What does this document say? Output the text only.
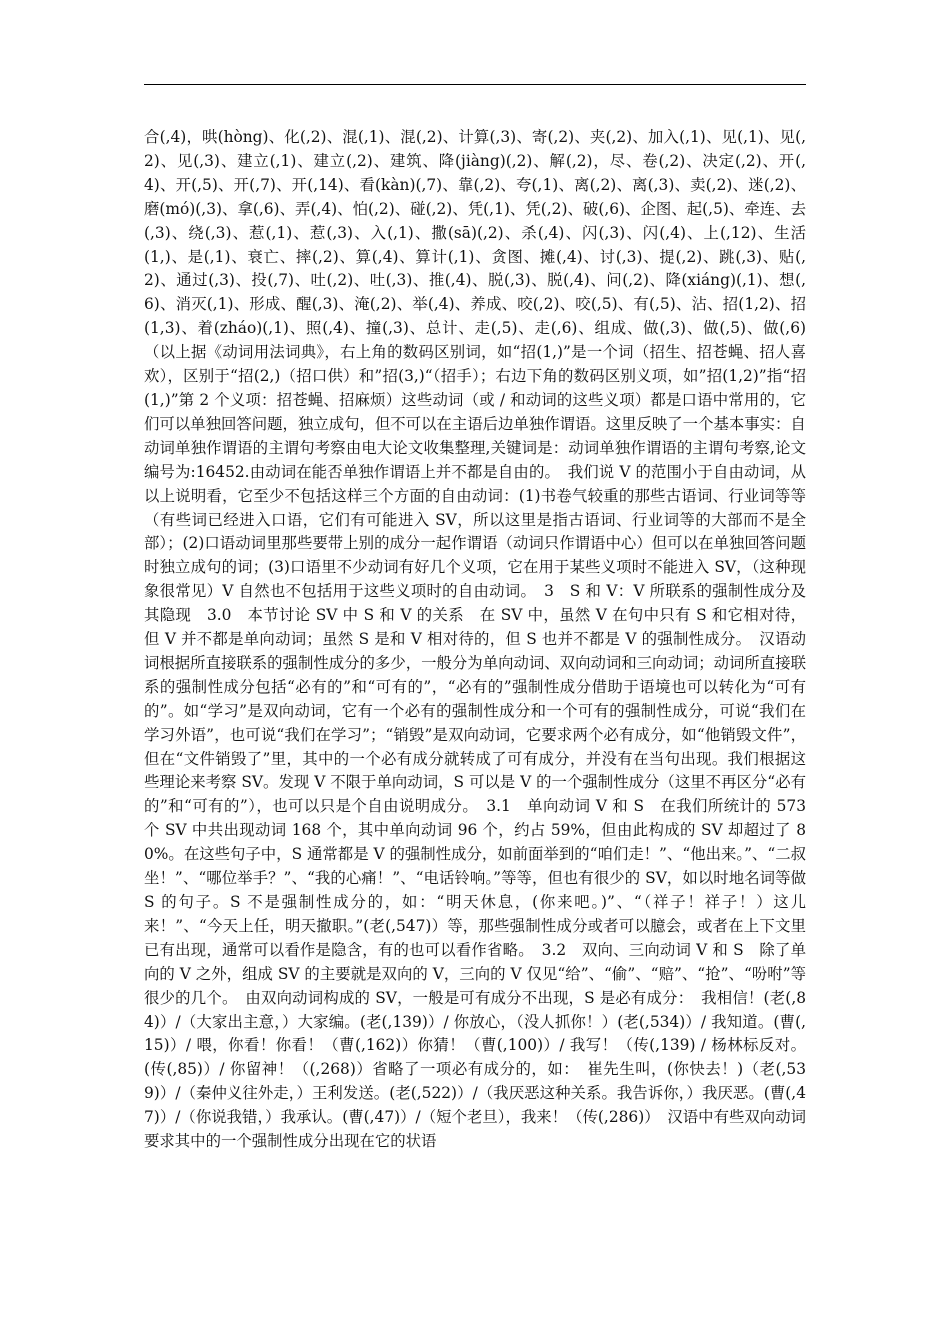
合(,4)，哄(hòng)、化(,2)、混(,1)、混(,2)、计算(,3)、寄(,2)、夹(,2)、加入(,1)、见(,1)、见(,2)、见(,3)、建立(,1)、建立(,2)、建筑、降(jiàng)(,2)、解(,2)，尽、卷(,2)、决定(,2)、开(,4)、开(,5)、开(,7)、开(,14)、看(kàn)(,7)、靠(,2)、夸(,1)、离(,2)、离(,3)、卖(,2)、迷(,2)、磨(mó)(,3)、拿(,6)、弄(,4)、怕(,2)、碰(,2)、凭(,1)、凭(,2)、破(,6)、企图、起(,5)、牵连、去(,3)、绕(,3)、惹(,1)、惹(,3)、入(,1)、撒(sā)(,2)、杀(,4)、闪(,3)、闪(,4)、上(,12)、生活(1,)、是(,1)、衰亡、摔(,2)、算(,4)、算计(,1)、贪图、摊(,4)、讨(,3)、提(,2)、跳(,3)、贴(,2)、通过(,3)、投(,7)、吐(,2)、吐(,3)、推(,4)、脱(,3)、脱(,4)、问(,2)、降(xiáng)(,1)、想(,6)、消灭(,1)、形成、醒(,3)、淹(,2)、举(,4)、养成、咬(,2)、咬(,5)、有(,5)、沾、招(1,2)、招(1,3)、着(zháo)(,1)、照(,4)、撞(,3)、总计、走(,5)、走(,6)、组成、做(,3)、做(,5)、做(,6)（以上据《动词用法词典》，右上角的数码区别词，如“招(1,)”是一个词（招生、招苍蝇、招人喜欢），区别于“招(2,)（招口供）和”招(3,)“（招手）；右边下角的数码区别义项，如”招(1,2)”指“招(1,)”第 2 个义项：招苍蝇、招麻烦）这些动词（或 / 和动词的这些义项）都是口语中常用的，它们可以单独回答问题，独立成句，但不可以在主语后边单独作谓语。这里反映了一个基本事实：自

动词单独作谓语的主谓句考察由电大论文收集整理,关键词是：动词单独作谓语的主谓句考察,论文编号为:16452.由动词在能否单独作谓语上并不都是自由的。　我们说 V 的范围小于自由动词，从以上说明看，它至少不包括这样三个方面的自由动词：(1)书卷气较重的那些古语词、行业词等等（有些词已经进入口语，它们有可能进入 SV，所以这里是指古语词、行业词等的大部而不是全部）；(2)口语动词里那些要带上别的成分一起作谓语（动词只作谓语中心）但可以在单独回答问题时独立成句的词；(3)口语里不少动词有好几个义项，它在用于某些义项时不能进入 SV，（这种现象很常见）V 自然也不包括用于这些义项时的自由动词。　3　S 和 V：V 所联系的强制性成分及其隐现　3.0　本节讨论 SV 中 S 和 V 的关系　在 SV 中，虽然 V 在句中只有 S 和它相对待，但 V 并不都是单向动词；虽然 S 是和 V 相对待的，但 S 也并不都是 V 的强制性成分。　汉语动词根据所直接联系的强制性成分的多少，一般分为单向动词、双向动词和三向动词；动词所直接联系的强制性成分包括“必有的”和“可有的”，“必有的”强制性成分借助于语境也可以转化为“可有的”。如“学习”是双向动词，它有一个必有的强制性成分和一个可有的强制性成分，可说“我们在学习外语”，也可说“我们在学习”；“销毁”是双向动词，它要求两个必有成分，如“他销毁文件”，但在“文件销毁了”里，其中的一个必有成分就转成了可有成分，并没有在当句出现。我们根据这些理论来考察 SV。发现 V 不限于单向动词，S 可以是 V 的一个强制性成分（这里不再区分“必有的”和“可有的”），也可以只是个自由说明成分。　3.1　单向动词 V 和 S　在我们所统计的 573 个 SV 中共出现动词 168 个，其中单向动词 96 个，约占 59%，但由此构成的 SV 却超过了 80%。在这些句子中，S 通常都是 V 的强制性成分，如前面举到的“咱们走！”、“他出来。”、“二叔坐！”、“哪位举手？”、“我的心痛！”、“电话铃响。”等等，但也有很少的 SV，如以时地名词等做 S 的句子。S 不是强制性成分的，如：“明天休息，(你来吧。)”、“（祥子！祥子！）这儿来！”、“今天上任，明天撤职。”(老(,547)）等，那些强制性成分或者可以臆会，或者在上下文里已有出现，通常可以看作是隐含，有的也可以看作省略。　3.2　双向、三向动词 V 和 S　除了单向的 V 之外，组成 SV 的主要就是双向的 V，三向的 V 仅见“给”、“偷”、“赔”、“抢”、“吩咐”等很少的几个。　由双向动词构成的 SV，一般是可有成分不出现，S 是必有成分：　我相信！(老(,84)）/（大家出主意，）大家编。(老(,139)）/ 你放心，（没人抓你！）(老(,534)）/ 我知道。(曹(,15)）/ 喂，你看！你看！（曹(,162)）你猜！（曹(,100)）/ 我写！（传(,139) / 杨林标反对。(传(,85)）/ 你留神！（(,268)）省略了一项必有成分的，如：　崔先生叫，(你快去！)（老(,539)）/（秦仲义往外走，）王利发送。(老(,522)）/（我厌恶这种关系。我告诉你，）我厌恶。(曹(,47)）/（你说我错，）我承认。(曹(,47)）/（短个老旦），我来！（传(,286)）　汉语中有些双向动词要求其中的一个强制性成分出现在它的状语
